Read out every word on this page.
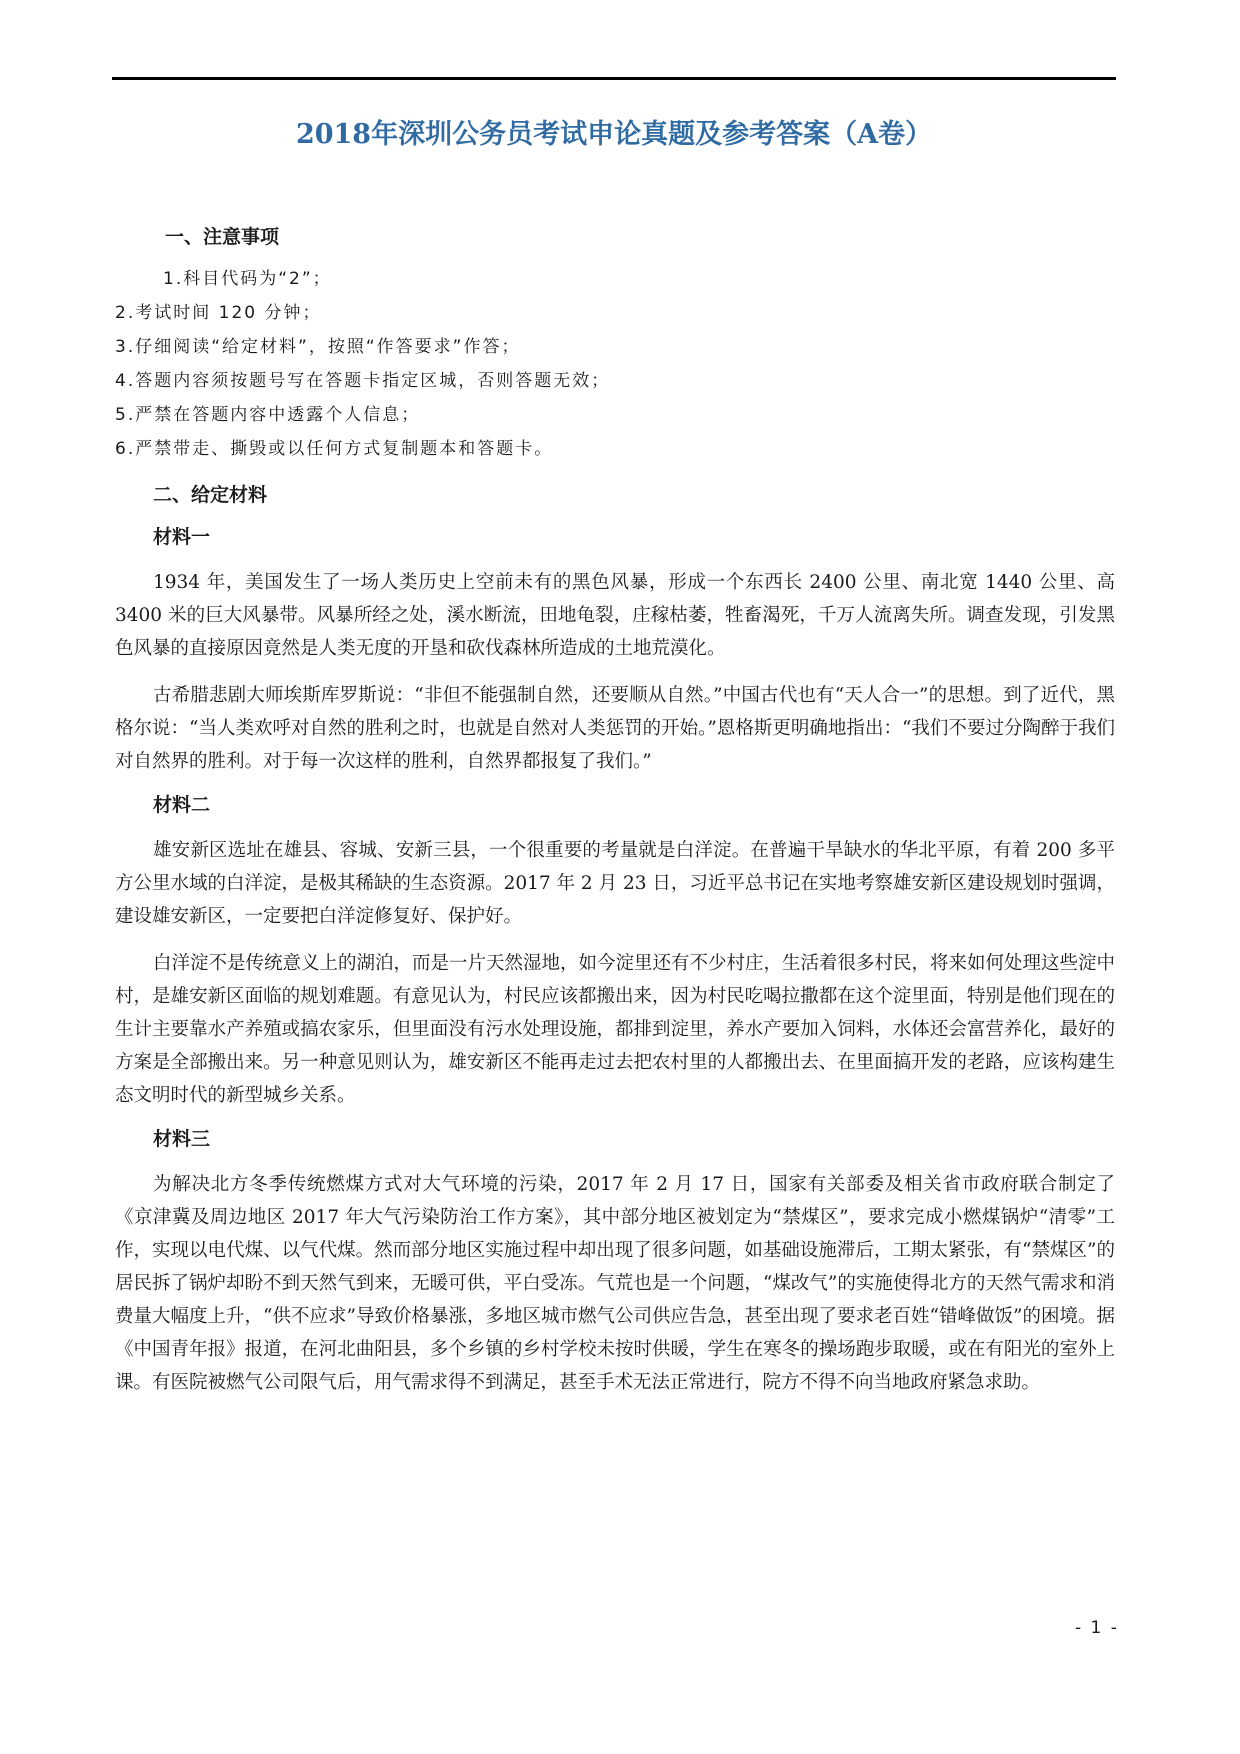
2018年深圳公务员考试申论真题及参考答案（A卷）
一、注意事项
1.科目代码为“2”；
2.考试时间 120 分钟；
3.仔细阅读“给定材料”，按照“作答要求”作答；
4.答题内容须按题号写在答题卡指定区城，否则答题无效；
5.严禁在答题内容中透露个人信息；
6.严禁带走、撕毁或以任何方式复制题本和答题卡。
二、给定材料
材料一

1934 年，美国发生了一场人类历史上空前未有的黑色风暴，形成一个东西长 2400 公里、南北宽 1440 公里、高 3400 米的巨大风暴带。风暴所经之处，溪水断流，田地龟裂，庄稼枯萎，牲畜渴死，千万人流离失所。调查发现，引发黑色风暴的直接原因竟然是人类无度的开垦和砍伐森林所造成的土地荒漠化。

古希腊悲剧大师埃斯库罗斯说：“非但不能强制自然，还要顺从自然。”中国古代也有“天人合一”的思想。到了近代，黑格尔说：“当人类欢呼对自然的胜利之时，也就是自然对人类惩罚的开始。”恩格斯更明确地指出：“我们不要过分陶醉于我们对自然界的胜利。对于每一次这样的胜利，自然界都报复了我们。”

材料二

雄安新区选址在雄县、容城、安新三县，一个很重要的考量就是白洋淀。在普遍干旱缺水的华北平原，有着 200 多平方公里水域的白洋淀，是极其稀缺的生态资源。2017 年 2 月 23 日，习近平总书记在实地考察雄安新区建设规划时强调，建设雄安新区，一定要把白洋淀修复好、保护好。

白洋淀不是传统意义上的湖泊，而是一片天然湿地，如今淀里还有不少村庄，生活着很多村民，将来如何处理这些淀中村，是雄安新区面临的规划难题。有意见认为，村民应该都搬出来，因为村民吃喝拉撒都在这个淀里面，特别是他们现在的生计主要靠水产养殖或搞农家乐，但里面没有污水处理设施，都排到淀里，养水产要加入饲料，水体还会富营养化，最好的方案是全部搬出来。另一种意见则认为，雄安新区不能再走过去把农村里的人都搬出去、在里面搞开发的老路，应该构建生态文明时代的新型城乡关系。

材料三

为解决北方冬季传统燃煤方式对大气环境的污染，2017 年 2 月 17 日，国家有关部委及相关省市政府联合制定了《京津冀及周边地区 2017 年大气污染防治工作方案》，其中部分地区被划定为“禁煤区”，要求完成小燃煤锅炉“清零”工作，实现以电代煤、以气代煤。然而部分地区实施过程中却出现了很多问题，如基础设施滞后，工期太紧张，有“禁煤区”的居民拆了锅炉却盼不到天然气到来，无暖可供，平白受冻。气荒也是一个问题，“煤改气”的实施使得北方的天然气需求和消费量大幅度上升，“供不应求”导致价格暴涨，多地区城市燃气公司供应告急，甚至出现了要求老百姓“错峰做饭”的困境。据《中国青年报》报道，在河北曲阳县，多个乡镇的乡村学校未按时供暖，学生在寒冬的操场跑步取暖，或在有阳光的室外上课。有医院被燃气公司限气后，用气需求得不到满足，甚至手术无法正常进行，院方不得不向当地政府紧急求助。

- 1 -
